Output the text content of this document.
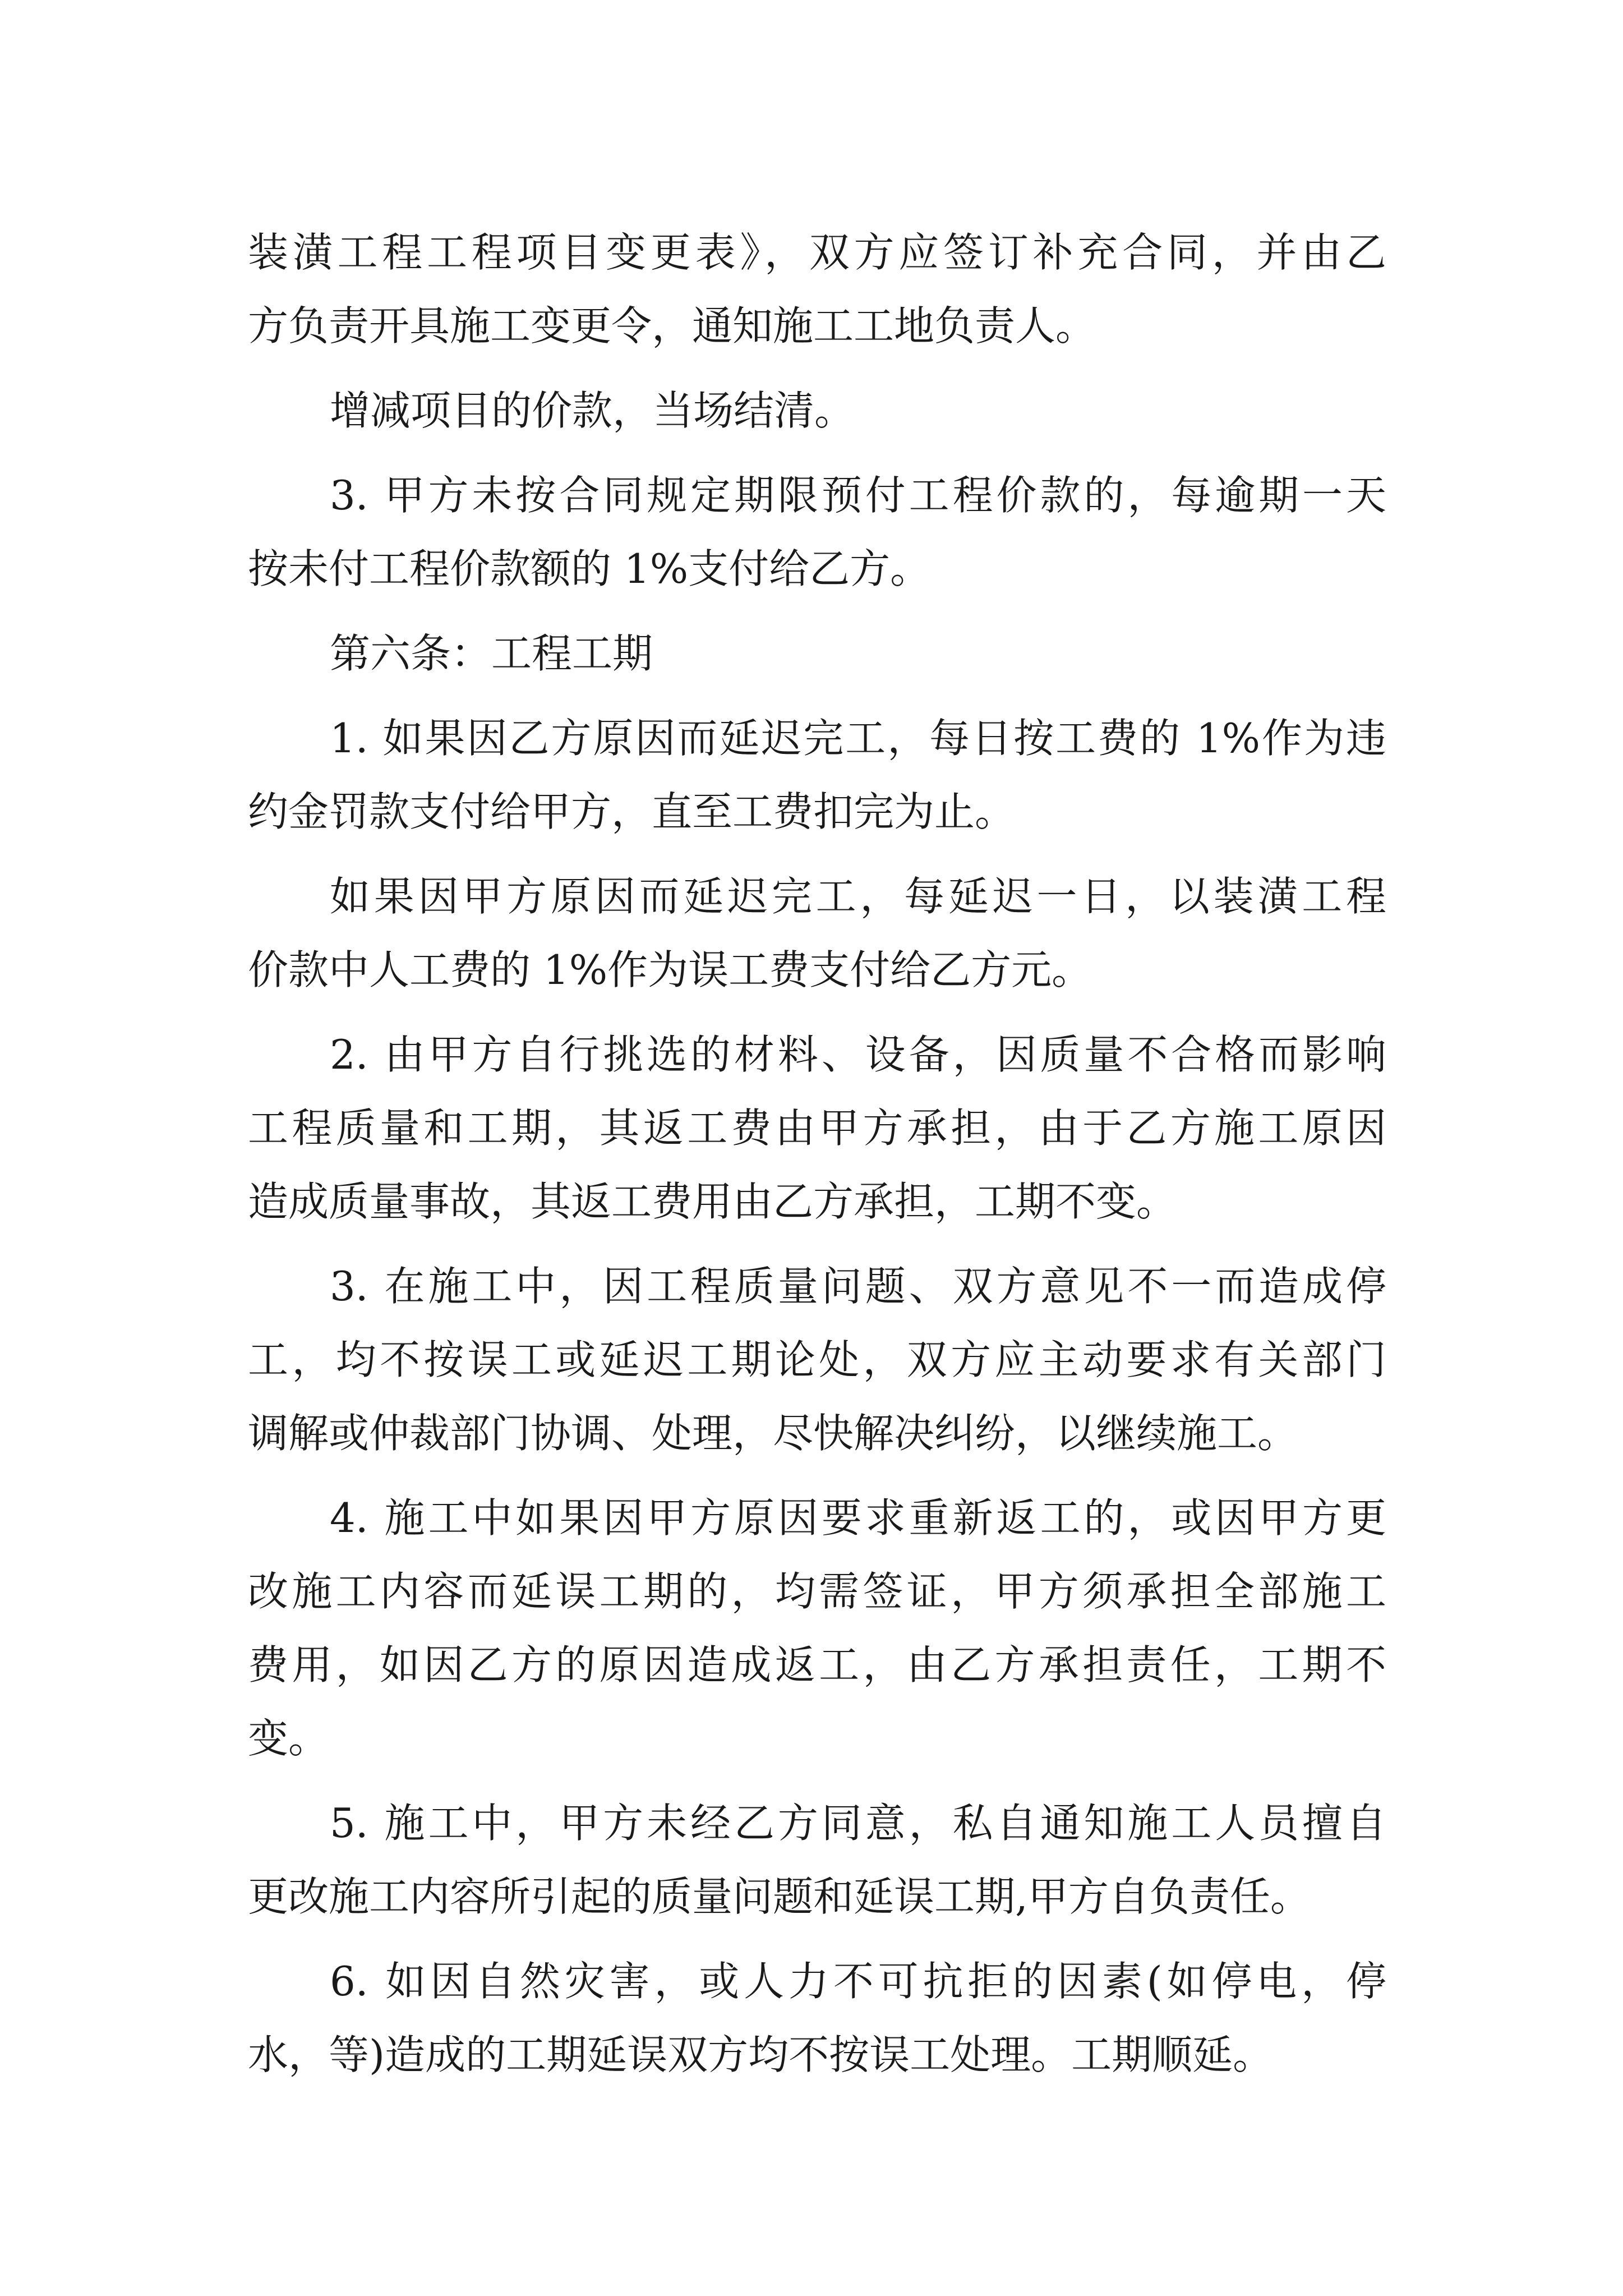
装潢工程工程项目变更表》，双方应签订补充合同，并由乙
方负责开具施工变更令，通知施工工地负责人。
增减项目的价款，当场结清。
3. 甲方未按合同规定期限预付工程价款的，每逾期一天
按未付工程价款额的 1%支付给乙方。
第六条：工程工期
1. 如果因乙方原因而延迟完工，每日按工费的 1%作为违
约金罚款支付给甲方，直至工费扣完为止。
如果因甲方原因而延迟完工，每延迟一日，以装潢工程
价款中人工费的 1%作为误工费支付给乙方元。
2. 由甲方自行挑选的材料、设备，因质量不合格而影响
工程质量和工期，其返工费由甲方承担，由于乙方施工原因
造成质量事故，其返工费用由乙方承担，工期不变。
3. 在施工中，因工程质量问题、双方意见不一而造成停
工，均不按误工或延迟工期论处，双方应主动要求有关部门
调解或仲裁部门协调、处理，尽快解决纠纷，以继续施工。
4. 施工中如果因甲方原因要求重新返工的，或因甲方更
改施工内容而延误工期的，均需签证，甲方须承担全部施工
费用，如因乙方的原因造成返工，由乙方承担责任，工期不
变。
5. 施工中，甲方未经乙方同意，私自通知施工人员擅自
更改施工内容所引起的质量问题和延误工期,甲方自负责任。
6. 如因自然灾害，或人力不可抗拒的因素(如停电，停
水，等)造成的工期延误双方均不按误工处理。工期顺延。
